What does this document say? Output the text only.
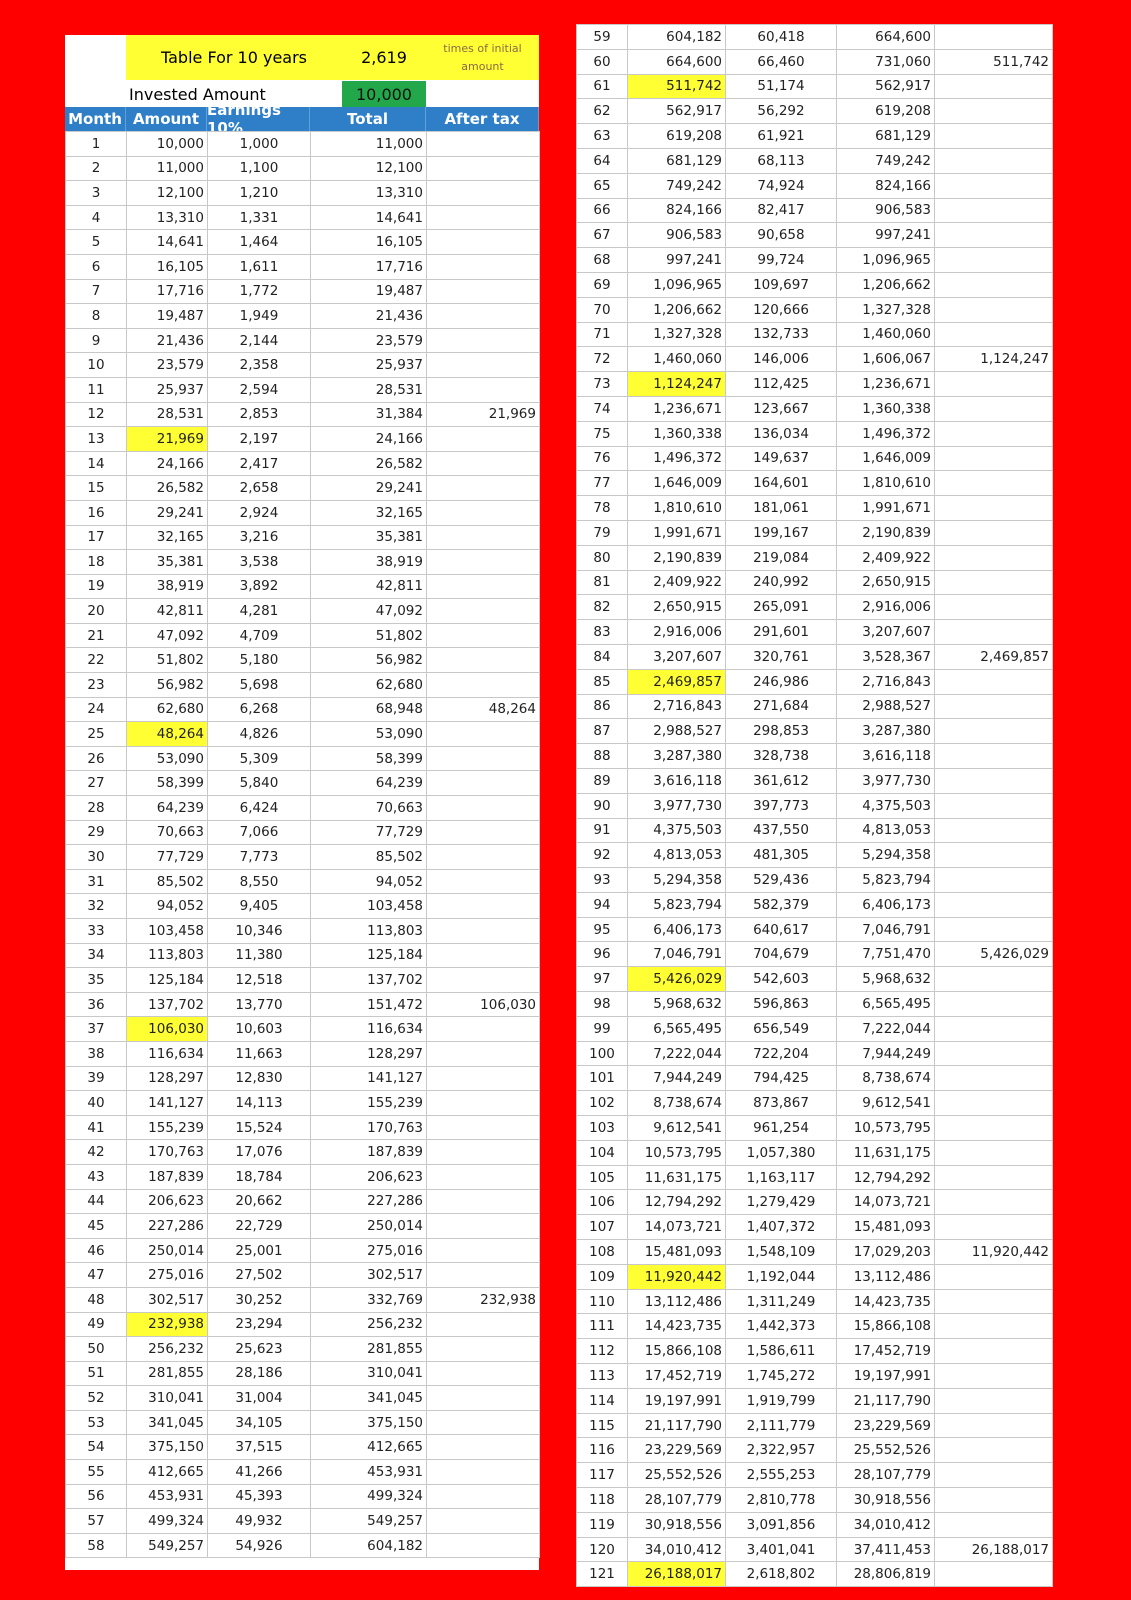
Table For 10 years	2,619	times of initial amount
Invested Amount	10,000
Month Amount Earnings 10%	Total	After tax
1	10,000	1,000	11,000	
2	11,000	1,100	12,100	
3	12,100	1,210	13,310	
4	13,310	1,331	14,641	
5	14,641	1,464	16,105	
6	16,105	1,611	17,716	
7	17,716	1,772	19,487	
8	19,487	1,949	21,436	
9	21,436	2,144	23,579	
10	23,579	2,358	25,937	
11	25,937	2,594	28,531	
12	28,531	2,853	31,384	21,969
13	21,969	2,197	24,166	
14	24,166	2,417	26,582	
15	26,582	2,658	29,241	
16	29,241	2,924	32,165	
17	32,165	3,216	35,381	
18	35,381	3,538	38,919	
19	38,919	3,892	42,811	
20	42,811	4,281	47,092	
21	47,092	4,709	51,802	
22	51,802	5,180	56,982	
23	56,982	5,698	62,680	
24	62,680	6,268	68,948	48,264
25	48,264	4,826	53,090	
26	53,090	5,309	58,399	
27	58,399	5,840	64,239	
28	64,239	6,424	70,663	
29	70,663	7,066	77,729	
30	77,729	7,773	85,502	
31	85,502	8,550	94,052	
32	94,052	9,405	103,458	
33	103,458	10,346	113,803	
34	113,803	11,380	125,184	
35	125,184	12,518	137,702	
36	137,702	13,770	151,472	106,030
37	106,030	10,603	116,634	
38	116,634	11,663	128,297	
39	128,297	12,830	141,127	
40	141,127	14,113	155,239	
41	155,239	15,524	170,763	
42	170,763	17,076	187,839	
43	187,839	18,784	206,623	
44	206,623	20,662	227,286	
45	227,286	22,729	250,014	
46	250,014	25,001	275,016	
47	275,016	27,502	302,517	
48	302,517	30,252	332,769	232,938
49	232,938	23,294	256,232	
50	256,232	25,623	281,855	
51	281,855	28,186	310,041	
52	310,041	31,004	341,045	
53	341,045	34,105	375,150	
54	375,150	37,515	412,665	
55	412,665	41,266	453,931	
56	453,931	45,393	499,324	
57	499,324	49,932	549,257	
58	549,257	54,926	604,182	
59	604,182	60,418	664,600	
60	664,600	66,460	731,060	511,742
61	511,742	51,174	562,917	
62	562,917	56,292	619,208	
63	619,208	61,921	681,129	
64	681,129	68,113	749,242	
65	749,242	74,924	824,166	
66	824,166	82,417	906,583	
67	906,583	90,658	997,241	
68	997,241	99,724	1,096,965	
69	1,096,965	109,697	1,206,662	
70	1,206,662	120,666	1,327,328	
71	1,327,328	132,733	1,460,060	
72	1,460,060	146,006	1,606,067	1,124,247
73	1,124,247	112,425	1,236,671	
74	1,236,671	123,667	1,360,338	
75	1,360,338	136,034	1,496,372	
76	1,496,372	149,637	1,646,009	
77	1,646,009	164,601	1,810,610	
78	1,810,610	181,061	1,991,671	
79	1,991,671	199,167	2,190,839	
80	2,190,839	219,084	2,409,922	
81	2,409,922	240,992	2,650,915	
82	2,650,915	265,091	2,916,006	
83	2,916,006	291,601	3,207,607	
84	3,207,607	320,761	3,528,367	2,469,857
85	2,469,857	246,986	2,716,843	
86	2,716,843	271,684	2,988,527	
87	2,988,527	298,853	3,287,380	
88	3,287,380	328,738	3,616,118	
89	3,616,118	361,612	3,977,730	
90	3,977,730	397,773	4,375,503	
91	4,375,503	437,550	4,813,053	
92	4,813,053	481,305	5,294,358	
93	5,294,358	529,436	5,823,794	
94	5,823,794	582,379	6,406,173	
95	6,406,173	640,617	7,046,791	
96	7,046,791	704,679	7,751,470	5,426,029
97	5,426,029	542,603	5,968,632	
98	5,968,632	596,863	6,565,495	
99	6,565,495	656,549	7,222,044	
100	7,222,044	722,204	7,944,249	
101	7,944,249	794,425	8,738,674	
102	8,738,674	873,867	9,612,541	
103	9,612,541	961,254	10,573,795	
104	10,573,795	1,057,380	11,631,175	
105	11,631,175	1,163,117	12,794,292	
106	12,794,292	1,279,429	14,073,721	
107	14,073,721	1,407,372	15,481,093	
108	15,481,093	1,548,109	17,029,203	11,920,442
109	11,920,442	1,192,044	13,112,486	
110	13,112,486	1,311,249	14,423,735	
111	14,423,735	1,442,373	15,866,108	
112	15,866,108	1,586,611	17,452,719	
113	17,452,719	1,745,272	19,197,991	
114	19,197,991	1,919,799	21,117,790	
115	21,117,790	2,111,779	23,229,569	
116	23,229,569	2,322,957	25,552,526	
117	25,552,526	2,555,253	28,107,779	
118	28,107,779	2,810,778	30,918,556	
119	30,918,556	3,091,856	34,010,412	
120	34,010,412	3,401,041	37,411,453	26,188,017
121	26,188,017	2,618,802	28,806,819	
